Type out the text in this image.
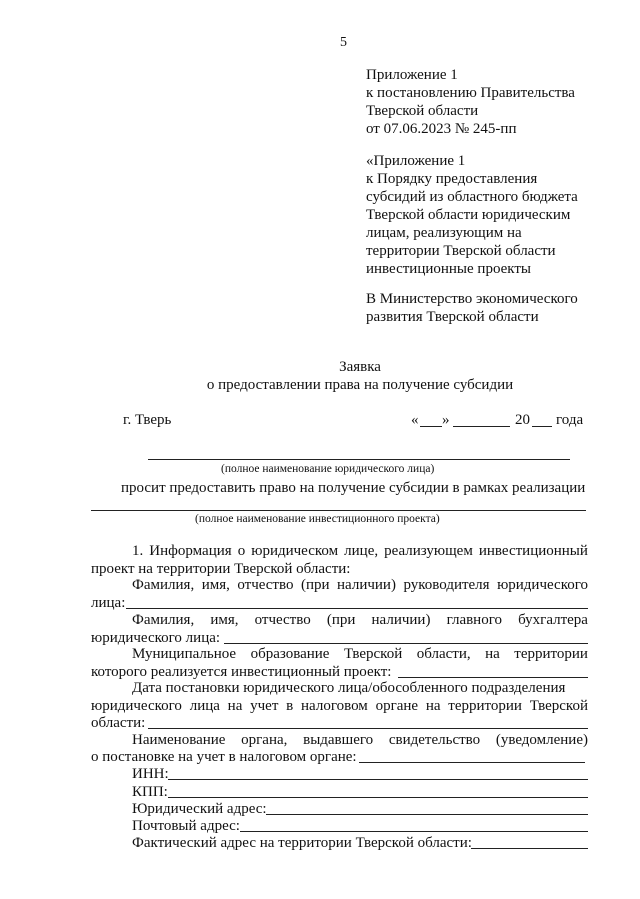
5
Приложение 1
к постановлению Правительства
Тверской области
от 07.06.2023 № 245-пп
«Приложение 1
к Порядку предоставления
субсидий из областного бюджета
Тверской области юридическим
лицам, реализующим на
территории Тверской области
инвестиционные проекты
В Министерство экономического
развития Тверской области
Заявка
о предоставлении права на получение субсидии
г. Тверь	« »	20 года
(полное наименование юридического лица)
просит предоставить право на получение субсидии в рамках реализации
(полное наименование инвестиционного проекта)
1. Информация о юридическом лице, реализующем инвестиционный
проект на территории Тверской области:
Фамилия, имя, отчество (при наличии) руководителя юридического
лица:
Фамилия, имя, отчество (при наличии) главного бухгалтера
юридического лица:
Муниципальное образование Тверской области, на территории
которого реализуется инвестиционный проект:
Дата постановки юридического лица/обособленного подразделения
юридического лица на учет в налоговом органе на территории Тверской
области:
Наименование органа, выдавшего свидетельство (уведомление)
о постановке на учет в налоговом органе:
ИНН:
КПП:
Юридический адрес:
Почтовый адрес:
Фактический адрес на территории Тверской области:
